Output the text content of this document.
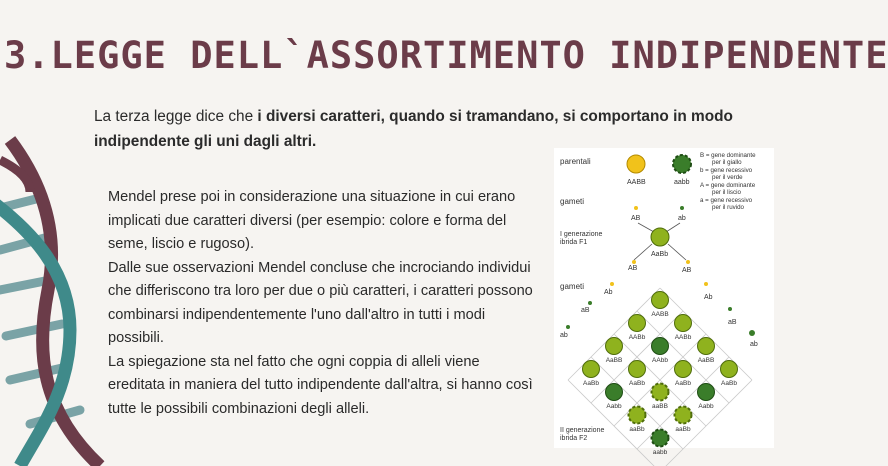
3.LEGGE DELL`ASSORTIMENTO INDIPENDENTE

La terza legge dice che i diversi caratteri, quando si tramandano, si comportano in modo indipendente gli uni dagli altri.

Mendel prese poi in considerazione una situazione in cui erano implicati due caratteri diversi (per esempio: colore e forma del seme, liscio e rugoso).

Dalle sue osservazioni Mendel concluse che incrociando individui che differiscono tra loro per due o più caratteri, i caratteri possono combinarsi indipendentemente l'uno dall'altro in tutti i modi possibili.

La spiegazione sta nel fatto che ogni coppia di alleli viene ereditata in maniera del tutto indipendente dall'altra, si hanno così tutte le possibili combinazioni degli alleli.

parentali
AABB	aabb
B = gene dominante
per il giallo
b = gene recessivo
per il verde
A = gene dominante
per il liscio
a = gene recessivo
per il ruvido
gameti
AB	ab
I generazione
ibrida F1
AaBb
AB
gameti
Ab
aB
ab
AB
Ab
aB
ab
AABB
AABb
AaBB
AaBb
AABb
AAbb
AaBb
Aabb
AaBB
AaBb
aaBB
aaBb
AaBb
Aabb
aaBb
aabb
II generazione
ibrida F2
